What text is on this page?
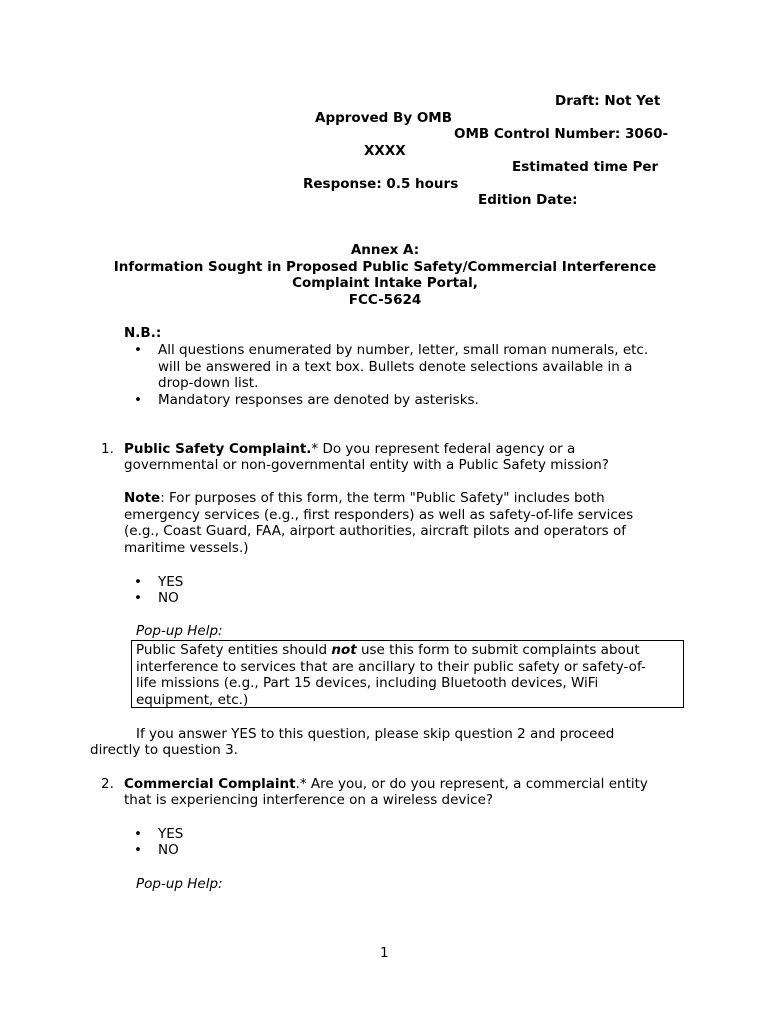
Draft: Not Yet

Approved By OMB

OMB Control Number: 3060-

XXXX

Estimated time Per

Response: 0.5 hours

Edition Date:

Annex A:
Information Sought in Proposed Public Safety/Commercial Interference
Complaint Intake Portal,
FCC-5624

N.B.:

• All questions enumerated by number, letter, small roman numerals, etc.
will be answered in a text box. Bullets denote selections available in a
drop-down list.
• Mandatory responses are denoted by asterisks.

1. Public Safety Complaint.* Do you represent federal agency or a

governmental or non-governmental entity with a Public Safety mission?

Note: For purposes of this form, the term "Public Safety" includes both

emergency services (e.g., first responders) as well as safety-of-life services

(e.g., Coast Guard, FAA, airport authorities, aircraft pilots and operators of

maritime vessels.)

• YES

• NO

Pop-up Help:

Public Safety entities should not use this form to submit complaints about

interference to services that are ancillary to their public safety or safety-of-

life missions (e.g., Part 15 devices, including Bluetooth devices, WiFi

equipment, etc.)

If you answer YES to this question, please skip question 2 and proceed

directly to question 3.

2. Commercial Complaint.* Are you, or do you represent, a commercial entity

that is experiencing interference on a wireless device?

• YES

• NO

Pop-up Help:

1
